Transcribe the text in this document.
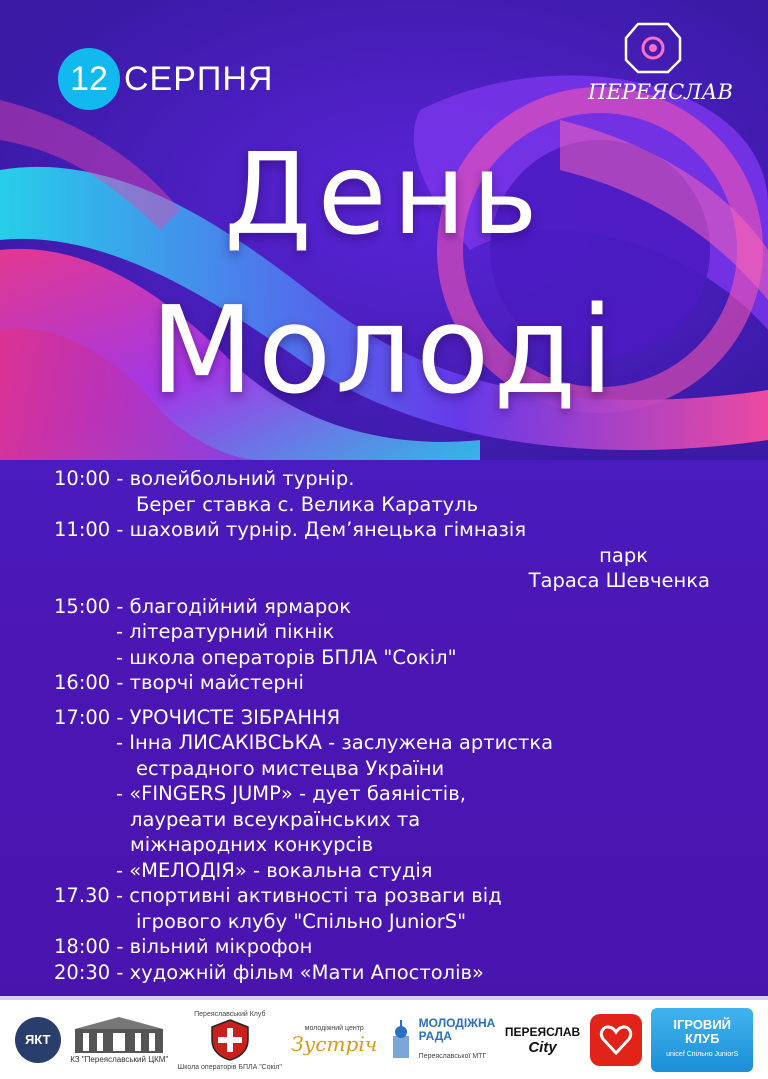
12 СЕРПНЯ	ПЕРЕЯСЛАВ
День
Молоді
10:00 - волейбольний турнір.
Берег ставка с. Велика Каратуль
11:00 - шаховий турнір. Дем’янецька гімназія
парк
Тараса Шевченка
15:00 - благодійний ярмарок
- літературний пікнік
- школа операторів БПЛА "Сокіл"
16:00 - творчі майстерні
17:00 - УРОЧИСТЕ ЗІБРАННЯ
- Інна ЛИСАКІВСЬКА - заслужена артистка
естрадного мистецва України
- «FINGERS JUMP» - дует баяністів,
лауреати всеукраїнських та
міжнародних конкурсів
- «МЕЛОДІЯ» - вокальна студія
17.30 - спортивні активності та розваги від
ігрового клубу "Спільно JuniorS"
18:00 - вільний мікрофон
20:30 - художній фільм «Мати Апостолів»
ЯКТ
КЗ "Переяславський ЦКМ"
Переяславський Клуб
Школа операторів БПЛА "Сокіл"
молодіжний центр
Зустріч
МОЛОДІЖНА
РАДА
Переяславської МТГ
ПЕРЕЯСЛАВ
City
ІГРОВИЙ
КЛУБ
unicef Спільно JuniorS
